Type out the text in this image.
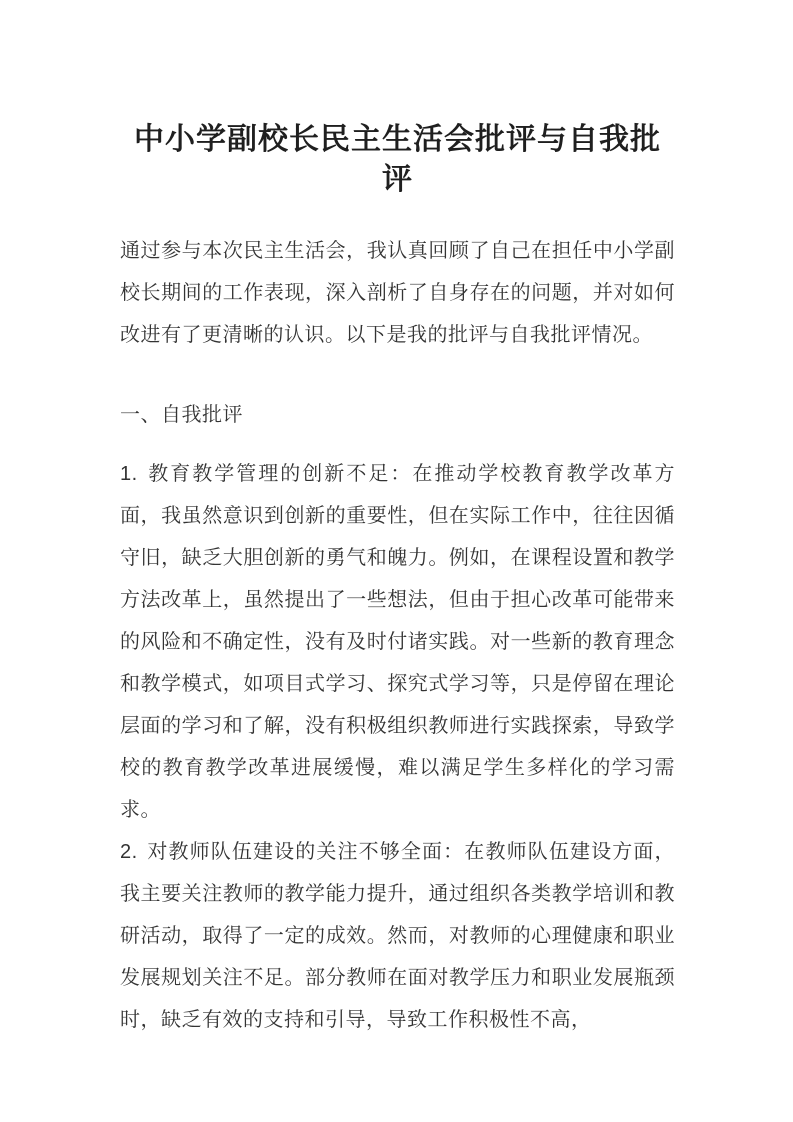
中小学副校长民主生活会批评与自我批评

通过参与本次民主生活会，我认真回顾了自己在担任中小学副校长期间的工作表现，深入剖析了自身存在的问题，并对如何改进有了更清晰的认识。以下是我的批评与自我批评情况。

一、自我批评

1. 教育教学管理的创新不足：在推动学校教育教学改革方面，我虽然意识到创新的重要性，但在实际工作中，往往因循守旧，缺乏大胆创新的勇气和魄力。例如，在课程设置和教学方法改革上，虽然提出了一些想法，但由于担心改革可能带来的风险和不确定性，没有及时付诸实践。对一些新的教育理念和教学模式，如项目式学习、探究式学习等，只是停留在理论层面的学习和了解，没有积极组织教师进行实践探索，导致学校的教育教学改革进展缓慢，难以满足学生多样化的学习需求。

2. 对教师队伍建设的关注不够全面：在教师队伍建设方面，我主要关注教师的教学能力提升，通过组织各类教学培训和教研活动，取得了一定的成效。然而，对教师的心理健康和职业发展规划关注不足。部分教师在面对教学压力和职业发展瓶颈时，缺乏有效的支持和引导，导致工作积极性不高，
